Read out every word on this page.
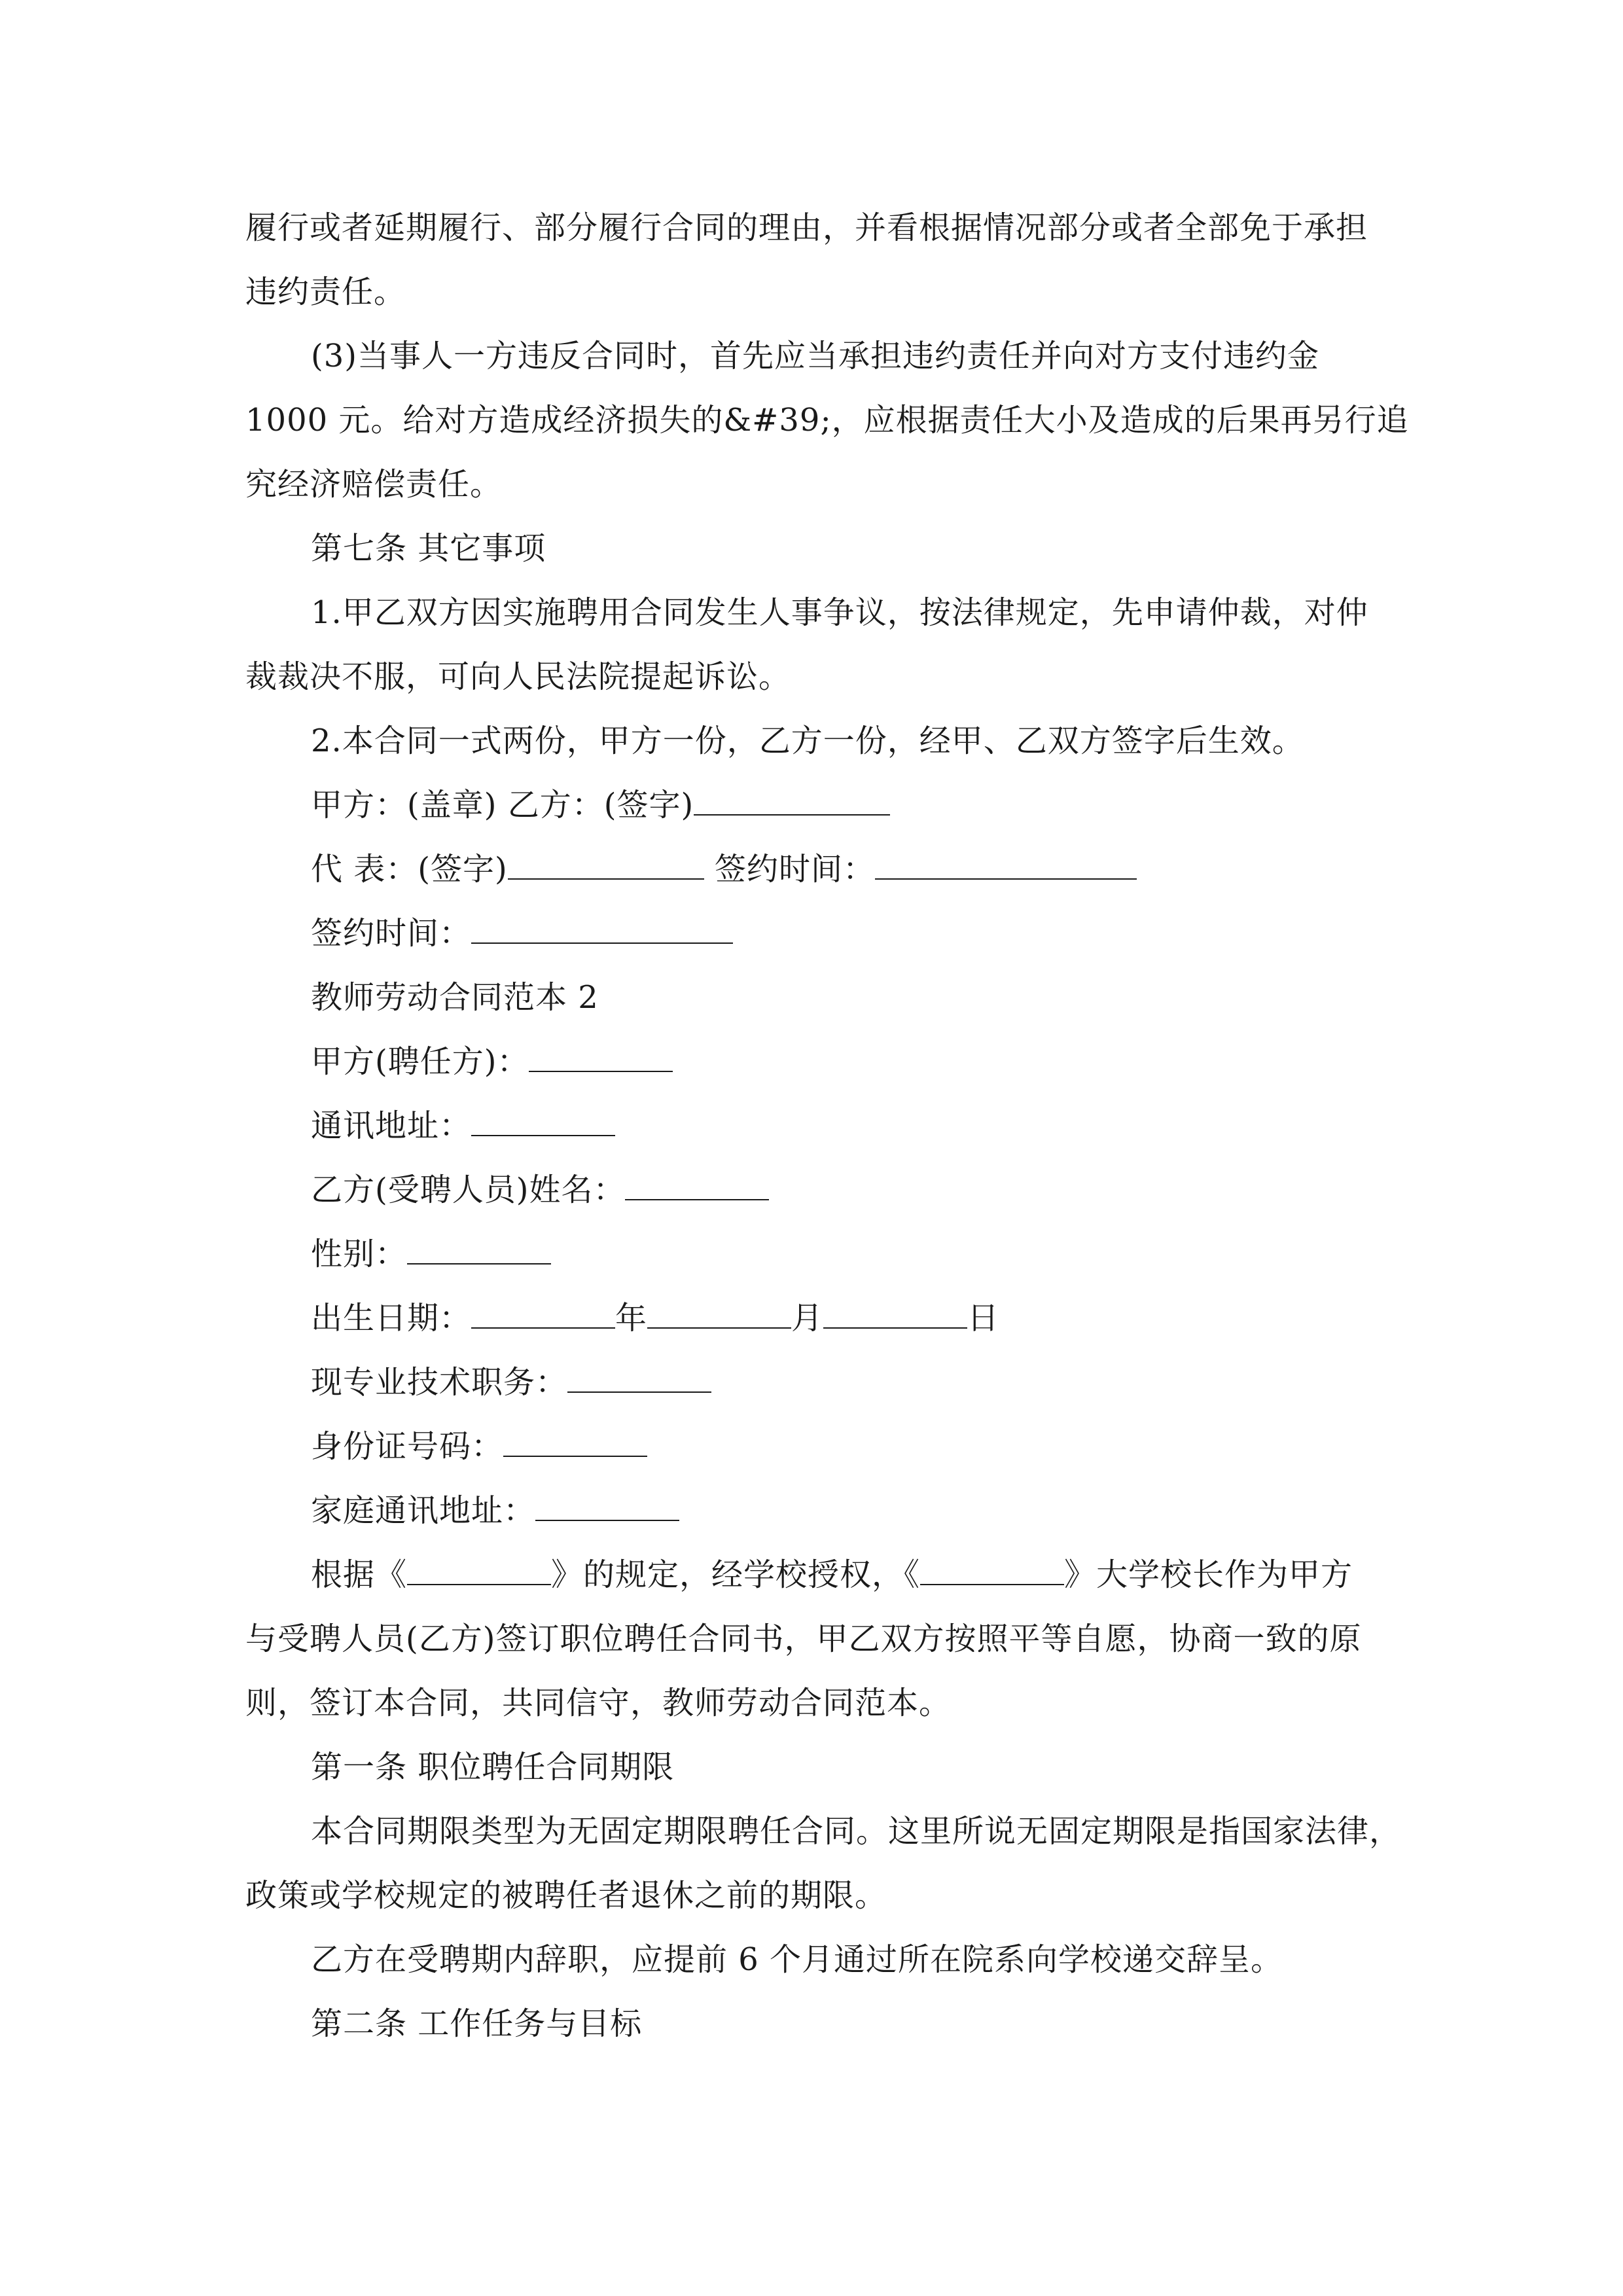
履行或者延期履行、部分履行合同的理由，并看根据情况部分或者全部免于承担
违约责任。
(3)当事人一方违反合同时，首先应当承担违约责任并向对方支付违约金
1000 元。给对方造成经济损失的&#39;，应根据责任大小及造成的后果再另行追
究经济赔偿责任。
第七条 其它事项
1.甲乙双方因实施聘用合同发生人事争议，按法律规定，先申请仲裁，对仲
裁裁决不服，可向人民法院提起诉讼。
2.本合同一式两份，甲方一份，乙方一份，经甲、乙双方签字后生效。
甲方：(盖章) 乙方：(签字)
代 表：(签字)	签约时间：
签约时间：
教师劳动合同范本 2
甲方(聘任方)：
通讯地址：
乙方(受聘人员)姓名：
性别：
出生日期：	年	月	日
现专业技术职务：
身份证号码：
家庭通讯地址：
根据《	》的规定，经学校授权，《	》大学校长作为甲方
与受聘人员(乙方)签订职位聘任合同书，甲乙双方按照平等自愿，协商一致的原
则，签订本合同，共同信守，教师劳动合同范本。
第一条 职位聘任合同期限
本合同期限类型为无固定期限聘任合同。这里所说无固定期限是指国家法律，
政策或学校规定的被聘任者退休之前的期限。
乙方在受聘期内辞职，应提前 6 个月通过所在院系向学校递交辞呈。
第二条 工作任务与目标
